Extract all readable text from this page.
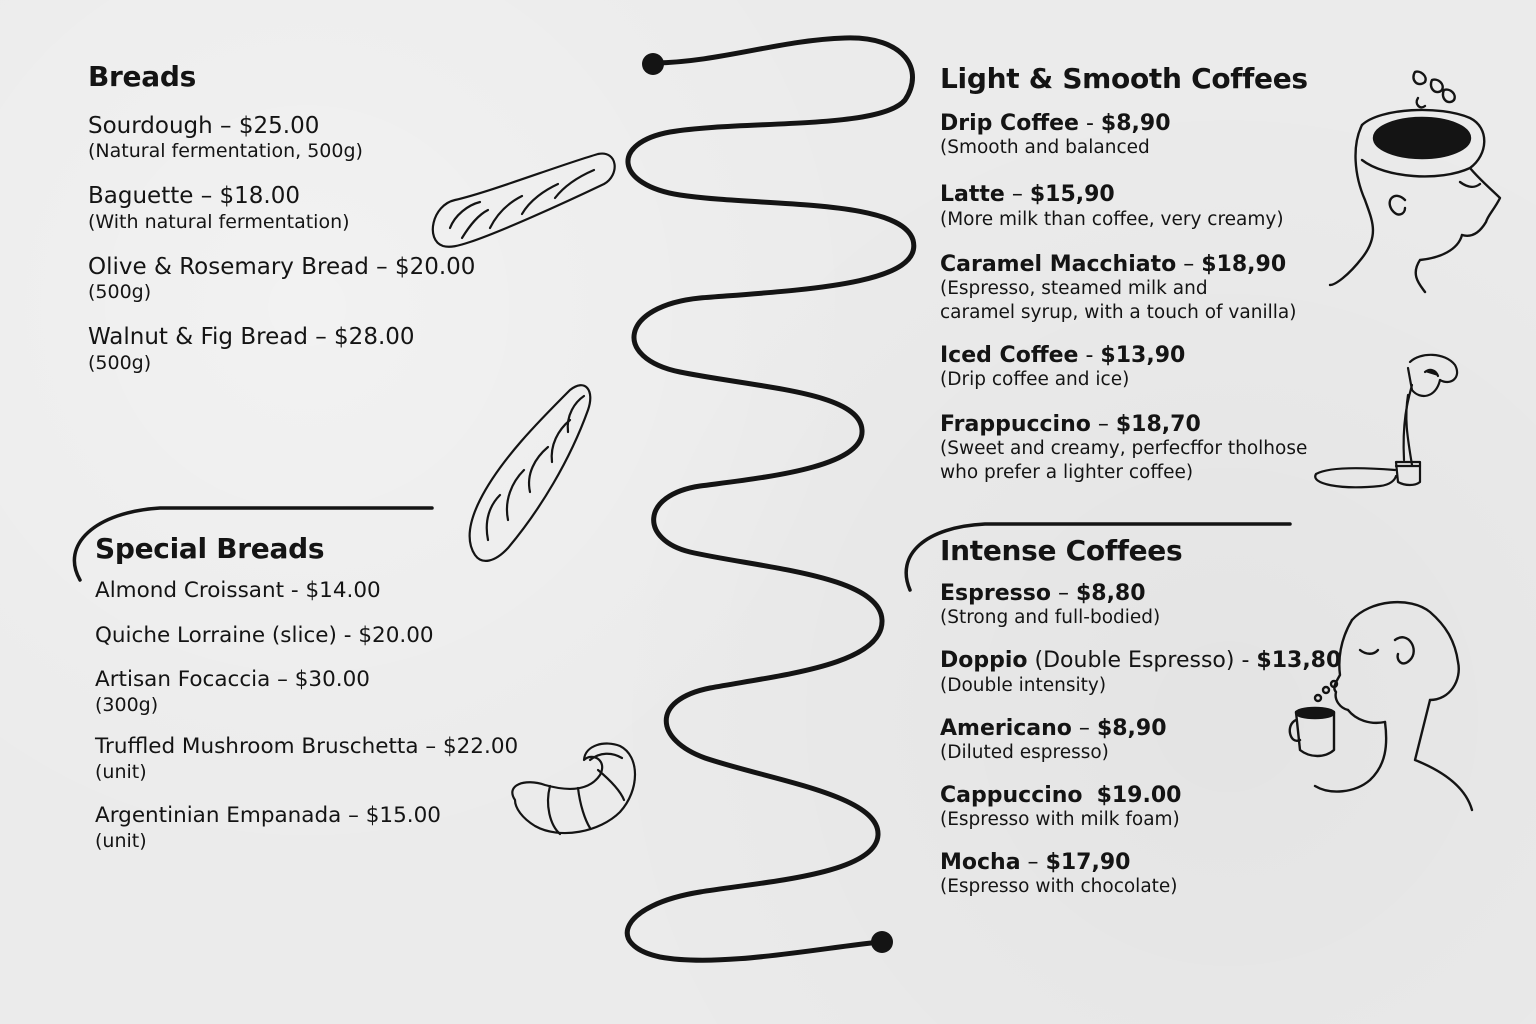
Breads
Sourdough – $25.00
(Natural fermentation, 500g)
Baguette – $18.00
(With natural fermentation)
Olive & Rosemary Bread – $20.00
(500g)
Walnut & Fig Bread – $28.00
(500g)
Special Breads
Almond Croissant - $14.00
Quiche Lorraine (slice) - $20.00
Artisan Focaccia – $30.00
(300g)
Truffled Mushroom Bruschetta – $22.00
(unit)
Argentinian Empanada – $15.00
(unit)
Light & Smooth Coffees
Drip Coffee - $8,90
(Smooth and balanced
Latte – $15,90
(More milk than coffee, very creamy)
Caramel Macchiato – $18,90
(Espresso, steamed milk and
caramel syrup, with a touch of vanilla)
Iced Coffee - $13,90
(Drip coffee and ice)
Frappuccino – $18,70
(Sweet and creamy, perfecffor tholhose
who prefer a lighter coffee)
Intense Coffees
Espresso – $8,80
(Strong and full-bodied)
Doppio (Double Espresso) - $13,80
(Double intensity)
Americano – $8,90
(Diluted espresso)
Cappuccino $19.00
(Espresso with milk foam)
Mocha – $17,90
(Espresso with chocolate)
